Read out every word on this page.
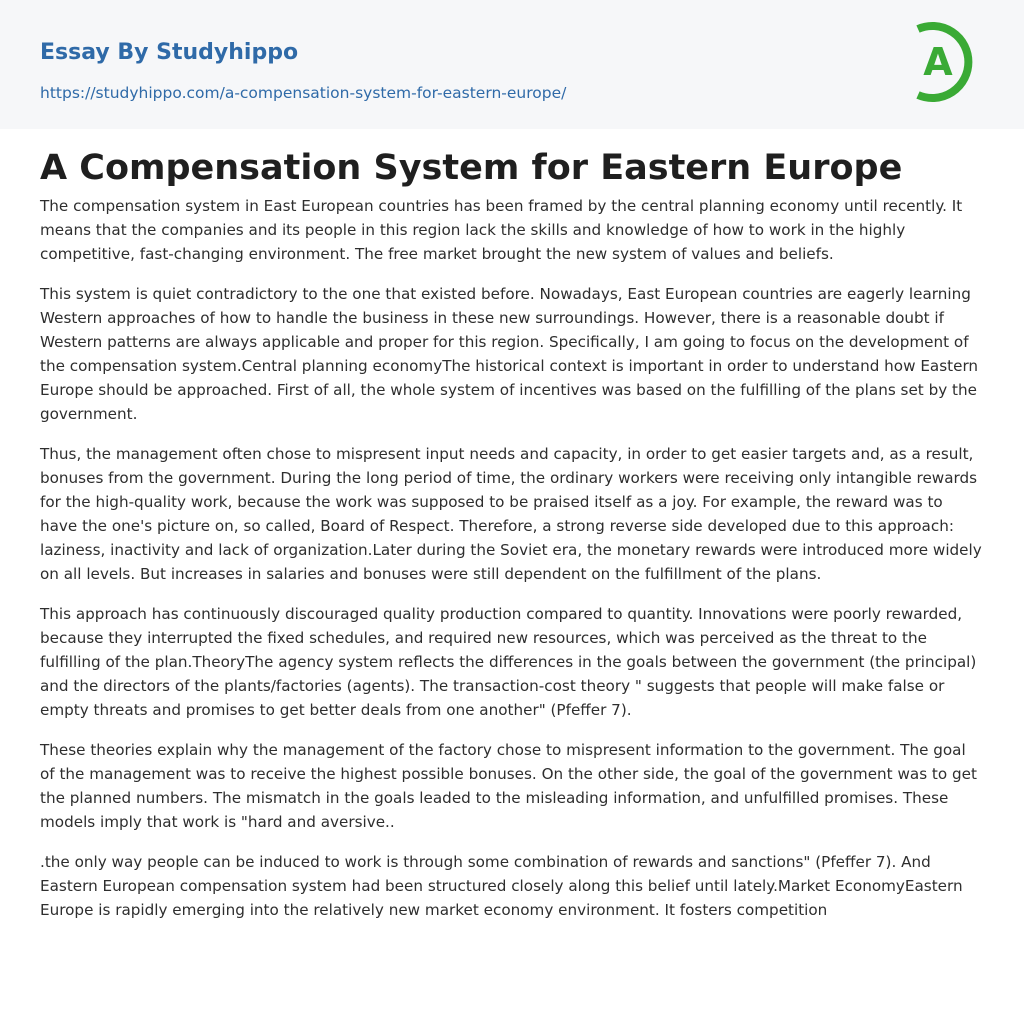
Essay By Studyhippo
https://studyhippo.com/a-compensation-system-for-eastern-europe/
A
A Compensation System for Eastern Europe

The compensation system in East European countries has been framed by the central planning economy until recently. It means that the companies and its people in this region lack the skills and knowledge of how to work in the highly competitive, fast-changing environment. The free market brought the new system of values and beliefs.

This system is quiet contradictory to the one that existed before. Nowadays, East European countries are eagerly learning Western approaches of how to handle the business in these new surroundings. However, there is a reasonable doubt if Western patterns are always applicable and proper for this region. Specifically, I am going to focus on the development of the compensation system.Central planning economyThe historical context is important in order to understand how Eastern Europe should be approached. First of all, the whole system of incentives was based on the fulfilling of the plans set by the government.

Thus, the management often chose to mispresent input needs and capacity, in order to get easier targets and, as a result, bonuses from the government. During the long period of time, the ordinary workers were receiving only intangible rewards for the high-quality work, because the work was supposed to be praised itself as a joy. For example, the reward was to have the one's picture on, so called, Board of Respect. Therefore, a strong reverse side developed due to this approach: laziness, inactivity and lack of organization.Later during the Soviet era, the monetary rewards were introduced more widely on all levels. But increases in salaries and bonuses were still dependent on the fulfillment of the plans.

This approach has continuously discouraged quality production compared to quantity. Innovations were poorly rewarded, because they interrupted the fixed schedules, and required new resources, which was perceived as the threat to the fulfilling of the plan.TheoryThe agency system reflects the differences in the goals between the government (the principal) and the directors of the plants/factories (agents). The transaction-cost theory " suggests that people will make false or empty threats and promises to get better deals from one another" (Pfeffer 7).

These theories explain why the management of the factory chose to mispresent information to the government. The goal of the management was to receive the highest possible bonuses. On the other side, the goal of the government was to get the planned numbers. The mismatch in the goals leaded to the misleading information, and unfulfilled promises. These models imply that work is "hard and aversive..

.the only way people can be induced to work is through some combination of rewards and sanctions" (Pfeffer 7). And Eastern European compensation system had been structured closely along this belief until lately.Market EconomyEastern Europe is rapidly emerging into the relatively new market economy environment. It fosters competition
